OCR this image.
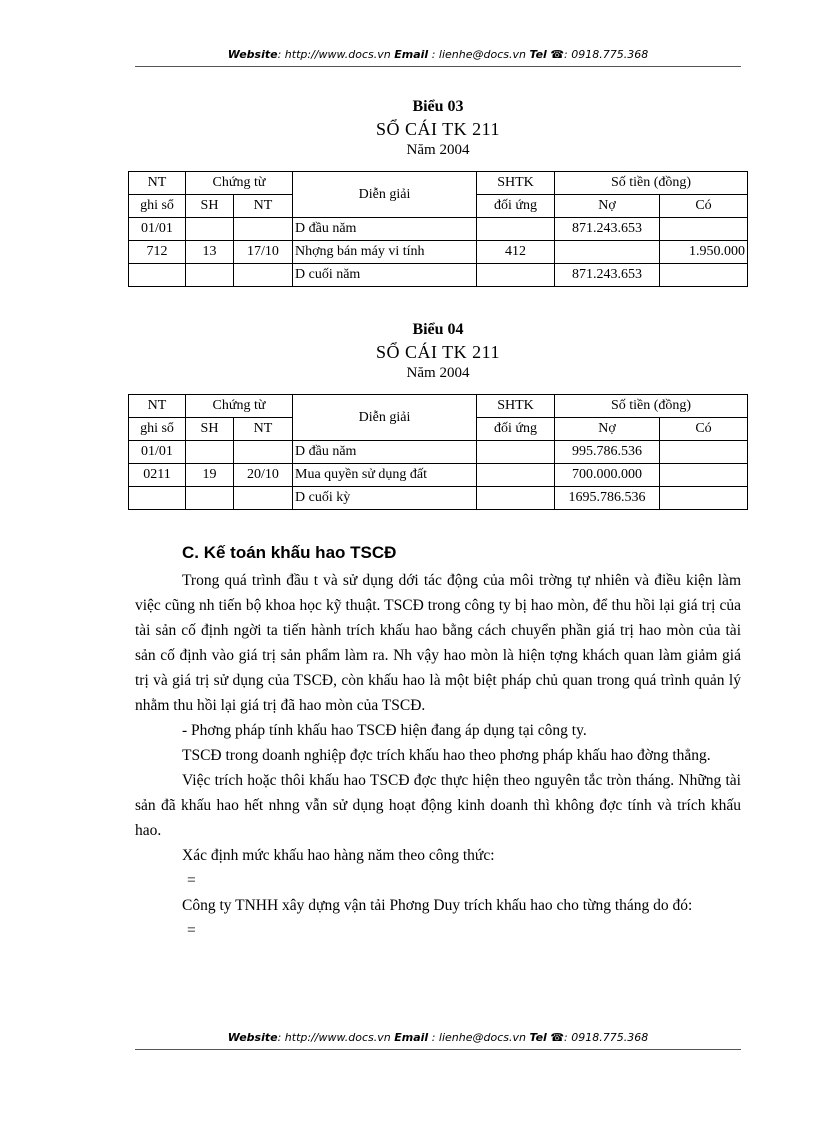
Website: http://www.docs.vn Email : lienhe@docs.vn Tel ☎: 0918.775.368
Biểu 03
SỔ CÁI TK 211
Năm 2004
NT	Chứng từ		Diễn giải	SHTK	Số tiền (đồng)	
ghi sổ	SH	NT		đối ứng	Nợ	Có
01/01			D đầu năm		871.243.653	
712	13	17/10	Nhợng bán máy vi tính	412		1.950.000
			D cuối năm		871.243.653	
Biểu 04
SỔ CÁI TK 211
Năm 2004
NT	Chứng từ		Diễn giải	SHTK	Số tiền (đồng)	
ghi sổ	SH	NT		đối ứng	Nợ	Có
01/01			D đầu năm		995.786.536	
0211	19	20/10	Mua quyền sử dụng đất		700.000.000	
			D cuối kỳ		1695.786.536	
C. Kế toán khấu hao TSCĐ

Trong quá trình đầu t và sử dụng dới tác động của môi trờng tự nhiên và điều kiện làm việc cũng nh tiến bộ khoa học kỹ thuật. TSCĐ trong công ty bị hao mòn, để thu hồi lại giá trị của tài sản cố định ngời ta tiến hành trích khấu hao bằng cách chuyển phần giá trị hao mòn của tài sản cố định vào giá trị sản phẩm làm ra. Nh vậy hao mòn là hiện tợng khách quan làm giảm giá trị và giá trị sử dụng của TSCĐ, còn khấu hao là một biệt pháp chủ quan trong quá trình quản lý nhằm thu hồi lại giá trị đã hao mòn của TSCĐ.

- Phơng pháp tính khấu hao TSCĐ hiện đang áp dụng tại công ty.

TSCĐ trong doanh nghiệp đợc trích khấu hao theo phơng pháp khấu hao đờng thẳng.

Việc trích hoặc thôi khấu hao TSCĐ đợc thực hiện theo nguyên tắc tròn tháng. Những tài sản đã khấu hao hết nhng vẫn sử dụng hoạt động kinh doanh thì không đợc tính và trích khấu hao.

Xác định mức khấu hao hàng năm theo công thức:

=

Công ty TNHH xây dựng vận tải Phơng Duy trích khấu hao cho từng tháng do đó:

=

Website: http://www.docs.vn Email : lienhe@docs.vn Tel ☎: 0918.775.368
